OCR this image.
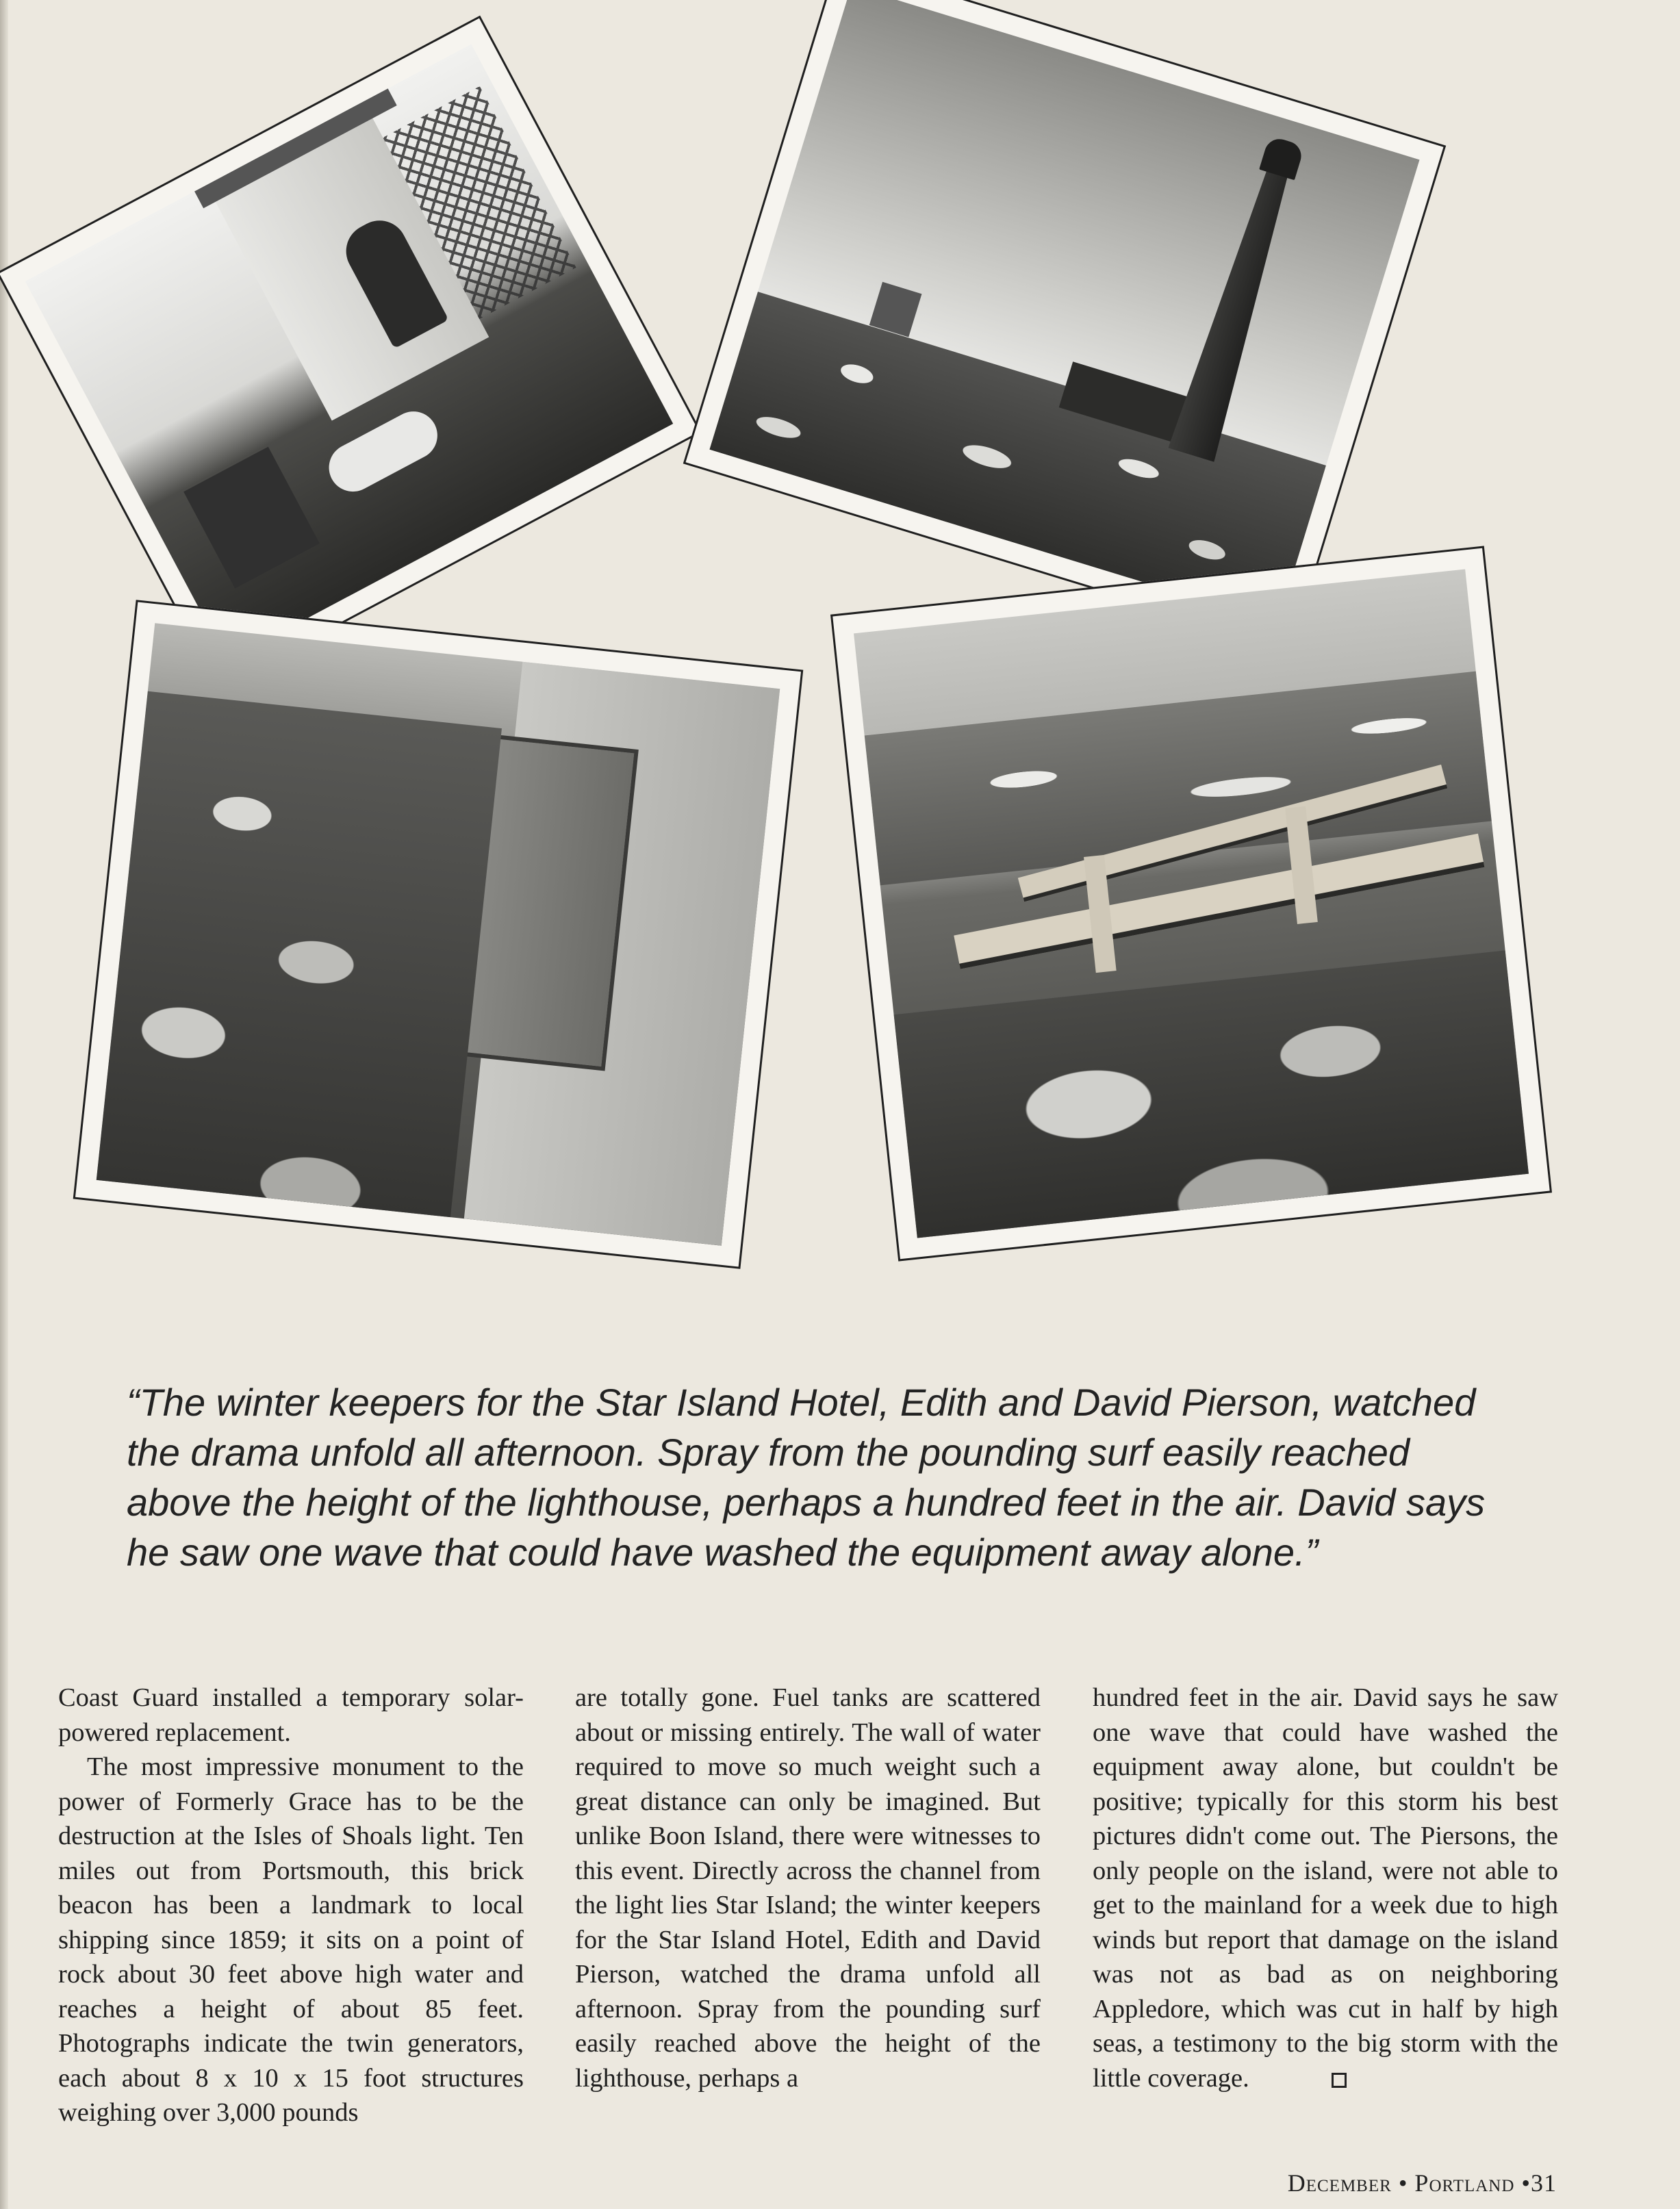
“The winter keepers for the Star Island Hotel, Edith and David Pierson, watched the drama unfold all afternoon. Spray from the pounding surf easily reached above the height of the lighthouse, perhaps a hundred feet in the air. David says he saw one wave that could have washed the equipment away alone.”

Coast Guard installed a temporary solar-powered replacement.

The most impressive monument to the power of Formerly Grace has to be the destruction at the Isles of Shoals light. Ten miles out from Portsmouth, this brick beacon has been a landmark to local shipping since 1859; it sits on a point of rock about 30 feet above high water and reaches a height of about 85 feet. Photographs indicate the twin generators, each about 8 x 10 x 15 foot structures weighing over 3,000 pounds

are totally gone. Fuel tanks are scattered about or missing entirely. The wall of water required to move so much weight such a great distance can only be imagined. But unlike Boon Island, there were witnesses to this event. Directly across the channel from the light lies Star Island; the winter keepers for the Star Island Hotel, Edith and David Pierson, watched the drama unfold all afternoon. Spray from the pounding surf easily reached above the height of the lighthouse, perhaps a

hundred feet in the air. David says he saw one wave that could have washed the equipment away alone, but couldn't be positive; typically for this storm his best pictures didn't come out. The Piersons, the only people on the island, were not able to get to the mainland for a week due to high winds but report that damage on the island was not as bad as on neighboring Appledore, which was cut in half by high seas, a testimony to the big storm with the little coverage.

December • Portland •31
